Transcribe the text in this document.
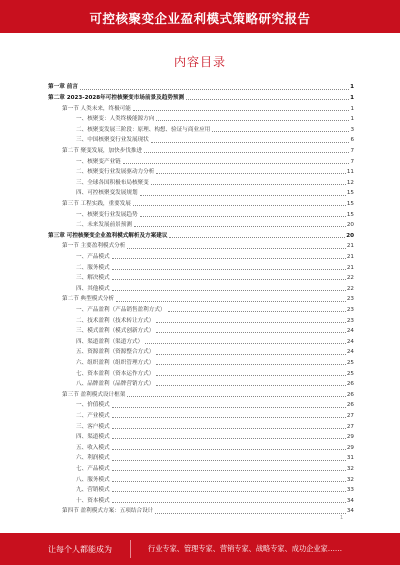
可控核聚变企业盈利模式策略研究报告
内容目录
第一章 前言	1
第二章 2023-2028年可控核聚变市场前景及趋势预测	1
第一节 人类未来，终极可能	1
一、核聚变：人类终极能源方向	1
二、核聚变发展三阶段：原理、构想、验证与商业应用	3
三、中国核聚变行业发展现状	6
第二节 聚变发展，加快步伐推进	7
一、核聚变产业链	7
二、核聚变行业发展驱动力分析	11
三、全球各国积极布局核聚变	12
四、可控核聚变发展规划	15
第三节 工程实践，重要发展	15
一、核聚变行业发展趋势	15
二、未来发展前景预测	20
第三章 可控核聚变企业盈利模式解析及方案建议	20
第一节 主要盈利模式分析	21
一、产品模式	21
二、服务模式	21
三、解决模式	22
四、其他模式	22
第二节 典型模式分析	23
一、产品盈利（产品销售盈利方式）	23
二、技术盈利（技术转让方式）	23
三、模式盈利（模式创新方式）	24
四、渠道盈利（渠道方式）	24
五、资源盈利（资源整合方式）	24
六、组织盈利（组织管理方式）	25
七、资本盈利（资本运作方式）	25
八、品牌盈利（品牌营销方式）	26
第三节 盈利模式设计框架	26
一、价值模式	26
二、产业模式	27
三、客户模式	27
四、渠道模式	29
五、收入模式	29
六、利润模式	31
七、产品模式	32
八、服务模式	32
九、营销模式	33
十、资本模式	34
第四节 盈利模式方案：五项结合设计	34
1
让每个人都能成为	行业专家、管理专家、营销专家、战略专家、成功企业家……
